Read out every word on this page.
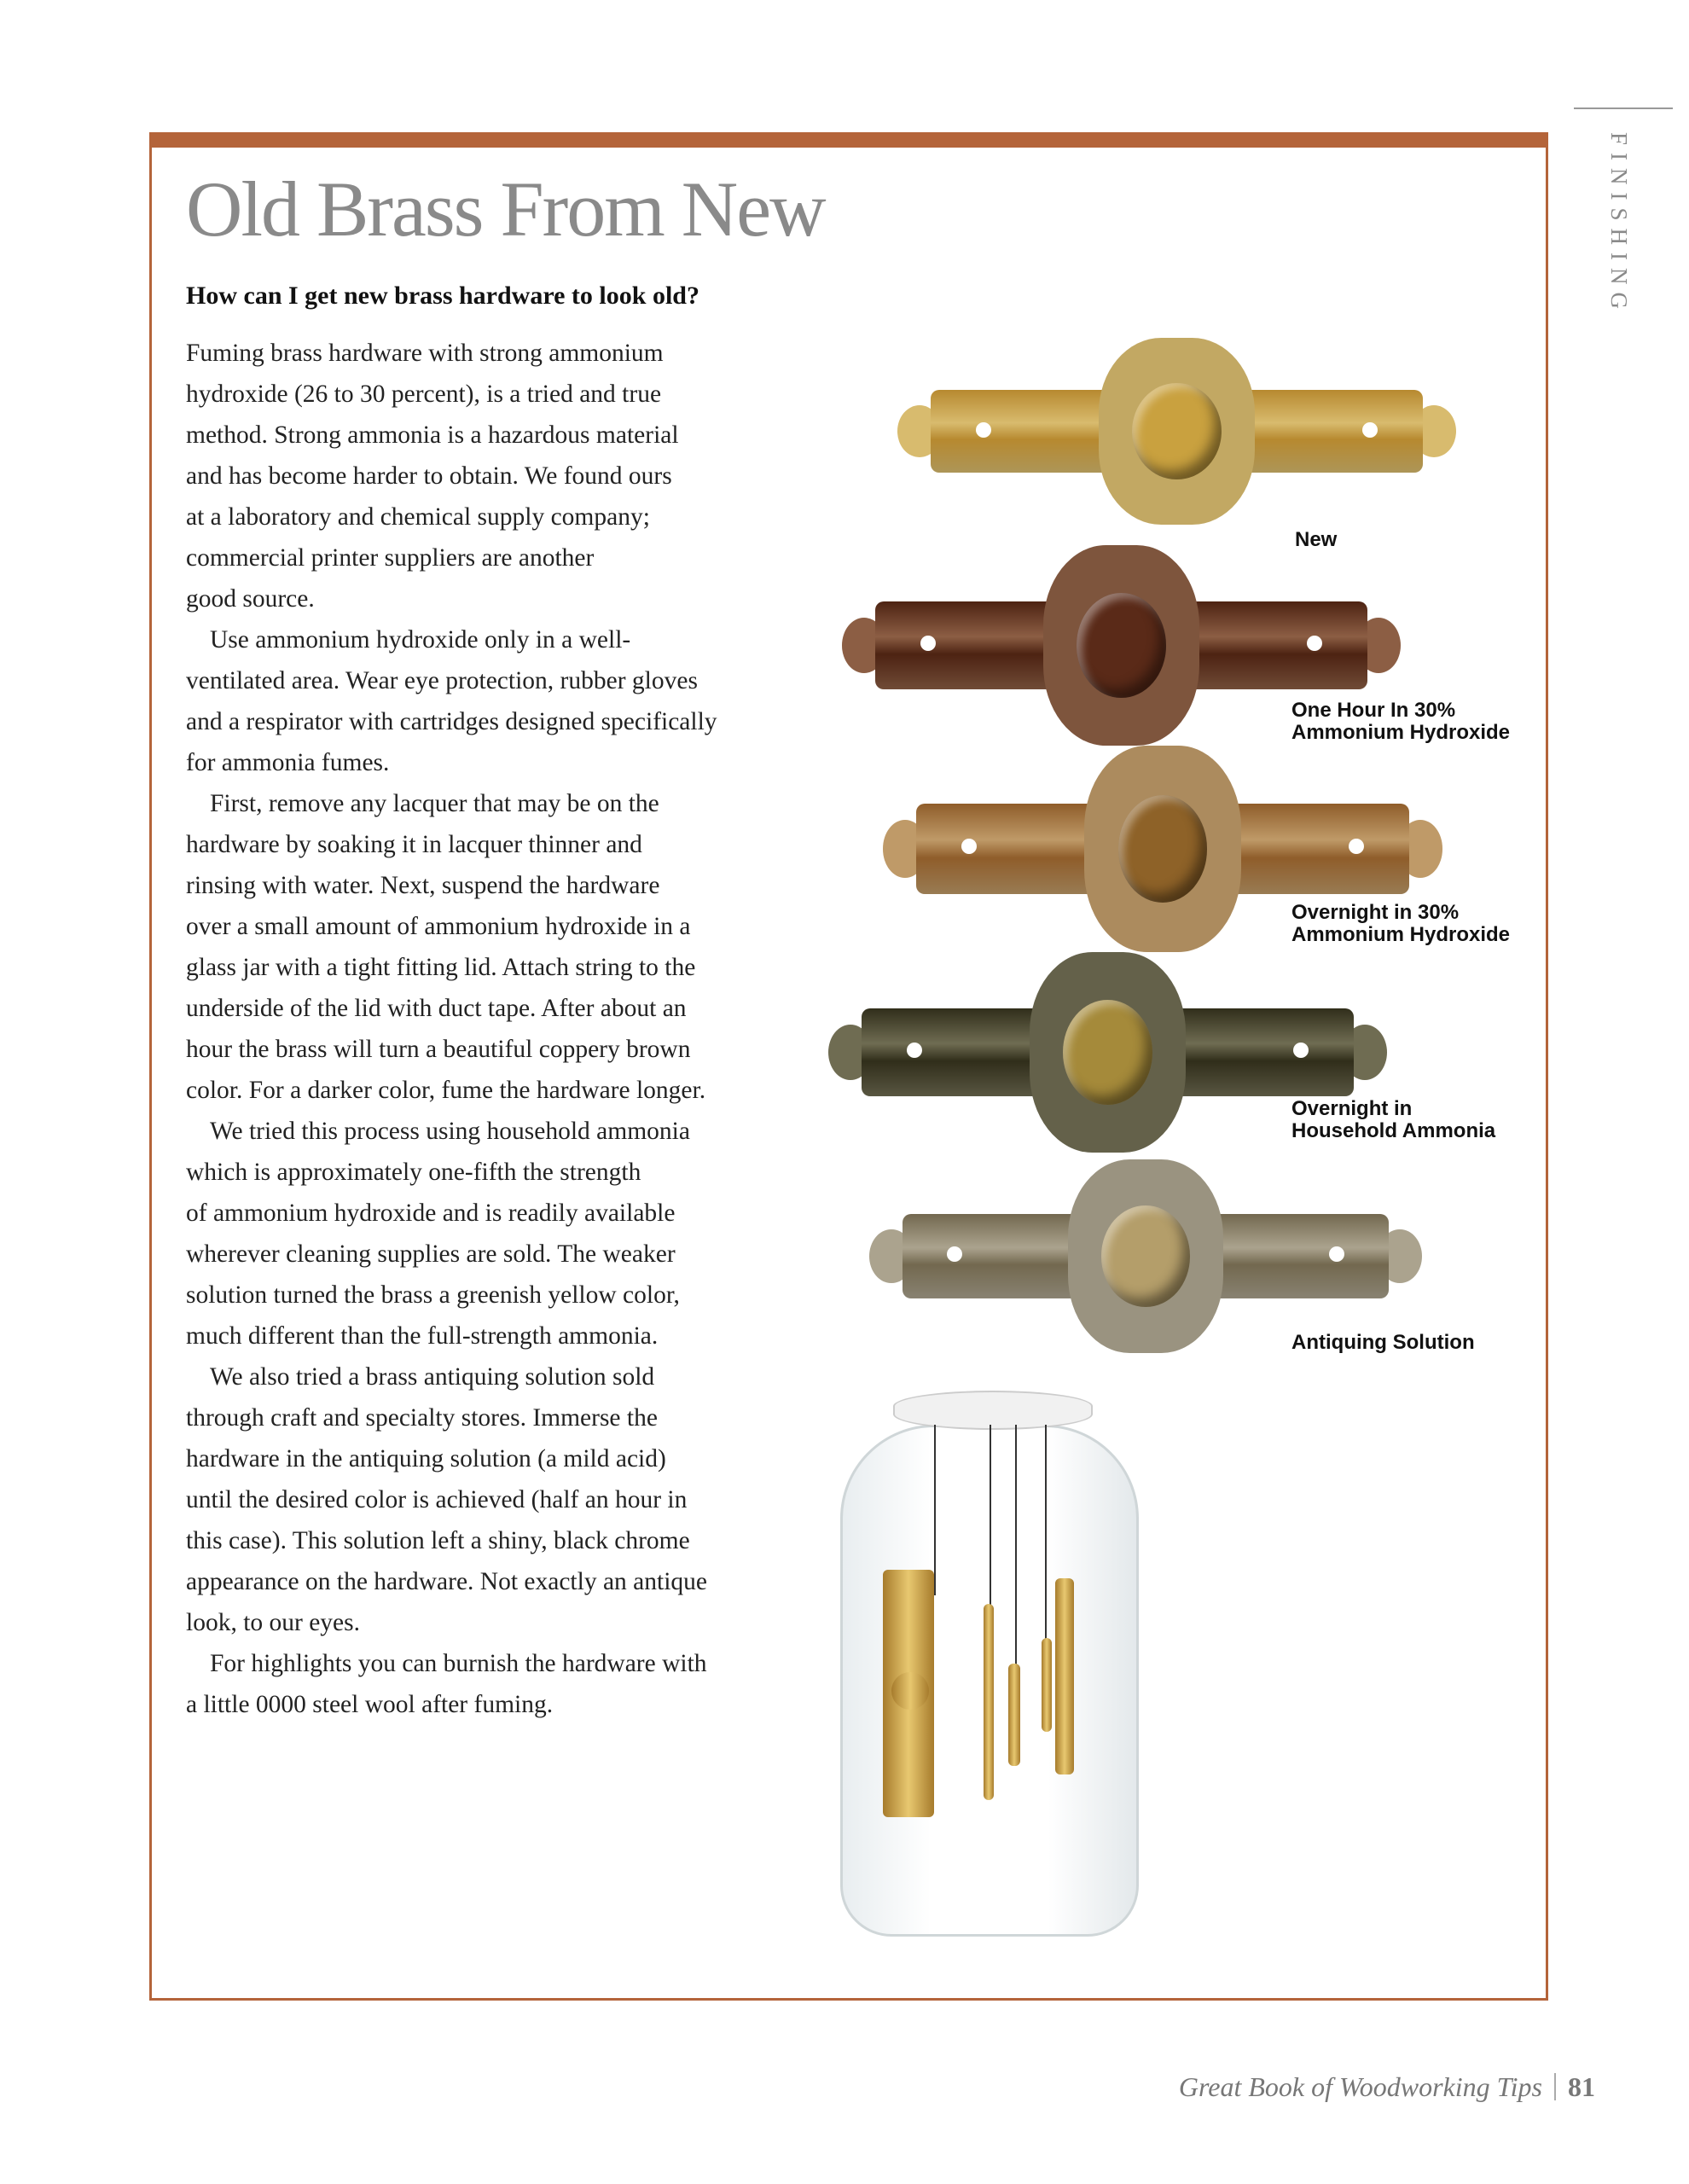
FINISHING
Old Brass From New
How can I get new brass hardware to look old?
Fuming brass hardware with strong ammonium
hydroxide (26 to 30 percent), is a tried and true
method. Strong ammonia is a hazardous material
and has become harder to obtain. We found ours
at a laboratory and chemical supply company;
commercial printer suppliers are another
good source.
Use ammonium hydroxide only in a well-
ventilated area. Wear eye protection, rubber gloves
and a respirator with cartridges designed specifically
for ammonia fumes.
First, remove any lacquer that may be on the
hardware by soaking it in lacquer thinner and
rinsing with water. Next, suspend the hardware
over a small amount of ammonium hydroxide in a
glass jar with a tight fitting lid. Attach string to the
underside of the lid with duct tape. After about an
hour the brass will turn a beautiful coppery brown
color. For a darker color, fume the hardware longer.
We tried this process using household ammonia
which is approximately one-fifth the strength
of ammonium hydroxide and is readily available
wherever cleaning supplies are sold. The weaker
solution turned the brass a greenish yellow color,
much different than the full-strength ammonia.
We also tried a brass antiquing solution sold
through craft and specialty stores. Immerse the
hardware in the antiquing solution (a mild acid)
until the desired color is achieved (half an hour in
this case). This solution left a shiny, black chrome
appearance on the hardware. Not exactly an antique
look, to our eyes.
For highlights you can burnish the hardware with
a little 0000 steel wool after fuming.
Great Book of Woodworking Tips 81
New
One Hour In 30%
Ammonium Hydroxide
Overnight in 30%
Ammonium Hydroxide
Overnight in
Household Ammonia
Antiquing Solution
